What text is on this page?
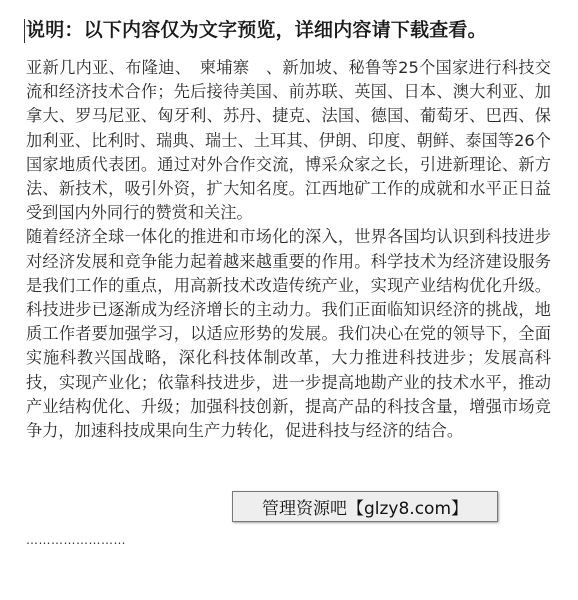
说明：以下内容仅为文字预览，详细内容请下载查看。

亚新几内亚、布隆迪、　柬埔寨　、新加坡、秘鲁等25个国家进行科技交流和经济技术合作；先后接待美国、前苏联、英国、日本、澳大利亚、加拿大、罗马尼亚、匈牙利、苏丹、捷克、法国、德国、葡萄牙、巴西、保加利亚、比利时、瑞典、瑞士、土耳其、伊朗、印度、朝鲜、泰国等26个国家地质代表团。通过对外合作交流，博采众家之长，引进新理论、新方法、新技术，吸引外资，扩大知名度。江西地矿工作的成就和水平正日益受到国内外同行的赞赏和关注。

随着经济全球一体化的推进和市场化的深入，世界各国均认识到科技进步对经济发展和竞争能力起着越来越重要的作用。科学技术为经济建设服务是我们工作的重点，用高新技术改造传统产业，实现产业结构优化升级。科技进步已逐渐成为经济增长的主动力。我们正面临知识经济的挑战，地质工作者要加强学习，以适应形势的发展。我们决心在党的领导下，全面实施科教兴国战略，深化科技体制改革，大力推进科技进步；发展高科技，实现产业化；依靠科技进步，进一步提高地勘产业的技术水平，推动产业结构优化、升级；加强科技创新，提高产品的科技含量，增强市场竞争力，加速科技成果向生产力转化，促进科技与经济的结合。

管理资源吧【glzy8.com】
……………………
